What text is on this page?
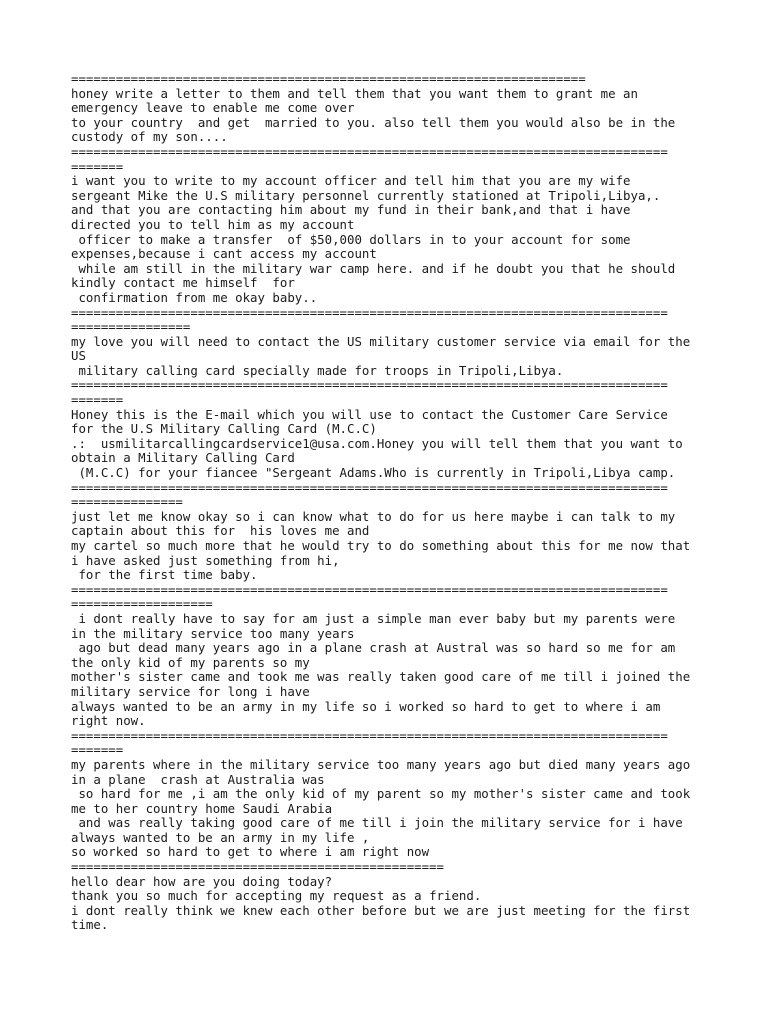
=====================================================================
honey write a letter to them and tell them that you want them to grant me an
emergency leave to enable me come over
to your country  and get  married to you. also tell them you would also be in the
custody of my son....
================================================================================
=======
i want you to write to my account officer and tell him that you are my wife
sergeant Mike the U.S military personnel currently stationed at Tripoli,Libya,.
and that you are contacting him about my fund in their bank,and that i have
directed you to tell him as my account
officer to make a transfer  of $50,000 dollars in to your account for some
expenses,because i cant access my account
while am still in the military war camp here. and if he doubt you that he should
kindly contact me himself  for
confirmation from me okay baby..
================================================================================
================
my love you will need to contact the US military customer service via email for the
US
military calling card specially made for troops in Tripoli,Libya.
================================================================================
=======
Honey this is the E-mail which you will use to contact the Customer Care Service
for the U.S Military Calling Card (M.C.C)
.:  usmilitarcallingcardservice1@usa.com.Honey you will tell them that you want to
obtain a Military Calling Card
(M.C.C) for your fiancee "Sergeant Adams.Who is currently in Tripoli,Libya camp.
================================================================================
===============
just let me know okay so i can know what to do for us here maybe i can talk to my
captain about this for  his loves me and
my cartel so much more that he would try to do something about this for me now that
i have asked just something from hi,
for the first time baby.
================================================================================
===================
i dont really have to say for am just a simple man ever baby but my parents were
in the military service too many years
ago but dead many years ago in a plane crash at Austral was so hard so me for am
the only kid of my parents so my
mother's sister came and took me was really taken good care of me till i joined the
military service for long i have
always wanted to be an army in my life so i worked so hard to get to where i am
right now.
================================================================================
=======
my parents where in the military service too many years ago but died many years ago
in a plane  crash at Australia was
so hard for me ,i am the only kid of my parent so my mother's sister came and took
me to her country home Saudi Arabia
and was really taking good care of me till i join the military service for i have
always wanted to be an army in my life ,
so worked so hard to get to where i am right now
==================================================
hello dear how are you doing today?
thank you so much for accepting my request as a friend.
i dont really think we knew each other before but we are just meeting for the first
time.
